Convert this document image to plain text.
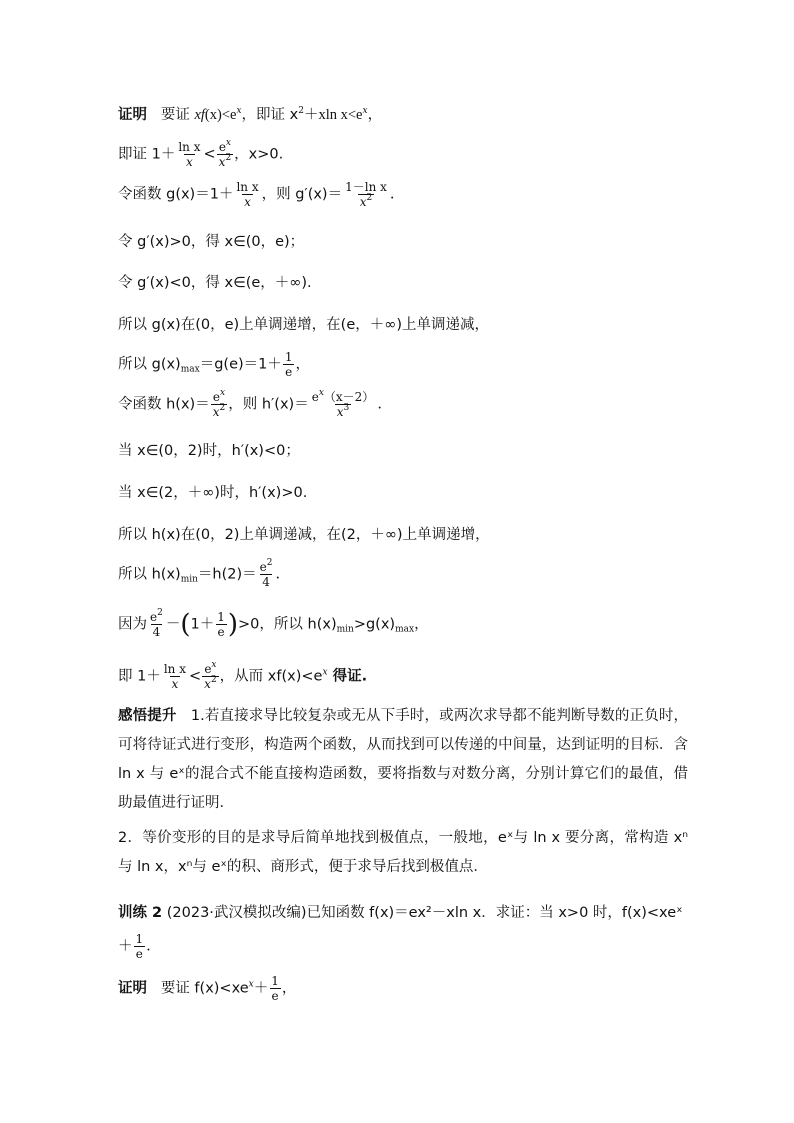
证明 要证 $xf(x)<e^x$，即证 $x^2+xln$ $x<e^x$，
即证 $1+ \frac{\text{ln x}}{x} < \frac{e^x}{x^2}$ ，x>0.
令函数 $g(x)=1+ \frac{\text{ln x}}{x}$ ，则 $g'(x)= \frac{\text{1－ln x}}{x^2}$ .
令 g′(x)>0，得 x∈(0，e)；
令 g′(x)<0，得 x∈(e，＋∞).
所以 g(x)在(0，e)上单调递增，在(e，＋∞)上单调递减，
所以 $g(x)_{max}=g(e)=1+ \frac{1}{e}$ ，
令函数 $h(x)= \frac{e^x}{x^2}$ ，则 $h'(x)= \frac{e^x(x-2)}{x^3}$ .
当 x∈(0，2)时，h′(x)<0；
当 x∈(2，＋∞)时，h′(x)>0.
所以 h(x)在(0，2)上单调递减，在(2，＋∞)上单调递增，
所以 $h(x)_{min}=h(2)= \frac{e^2}{4}$ .
因为 $\frac{e^2}{4} -(1+ \frac{1}{e} )>0$，所以 $h(x)_{min}>g(x)_{max}$，
即 $1+ \frac{\text{ln x}}{x} < \frac{e^x}{x^2}$ ，从而 $xf(x)<e^x$ 得证.
感悟提升 1.若直接求导比较复杂或无从下手时，或两次求导都不能判断导数的正负时，可将待证式进行变形，构造两个函数，从而找到可以传递的中间量，达到证明的目标．含 ln x 与 eˣ的混合式不能直接构造函数，要将指数与对数分离，分别计算它们的最值，借助最值进行证明．
2．等价变形的目的是求导后简单地找到极值点，一般地，eˣ与 ln x 要分离，常构造 xⁿ与 ln x，xⁿ与 eˣ的积、商形式，便于求导后找到极值点．
训练 2 (2023·武汉模拟改编)已知函数 f(x)＝ex²－xln x．求证：当 x>0 时，f(x)<xeˣ
＋ $\frac{1}{e}$ .
证明 要证 $f(x)<xe^x+ \frac{1}{e}$ ，
